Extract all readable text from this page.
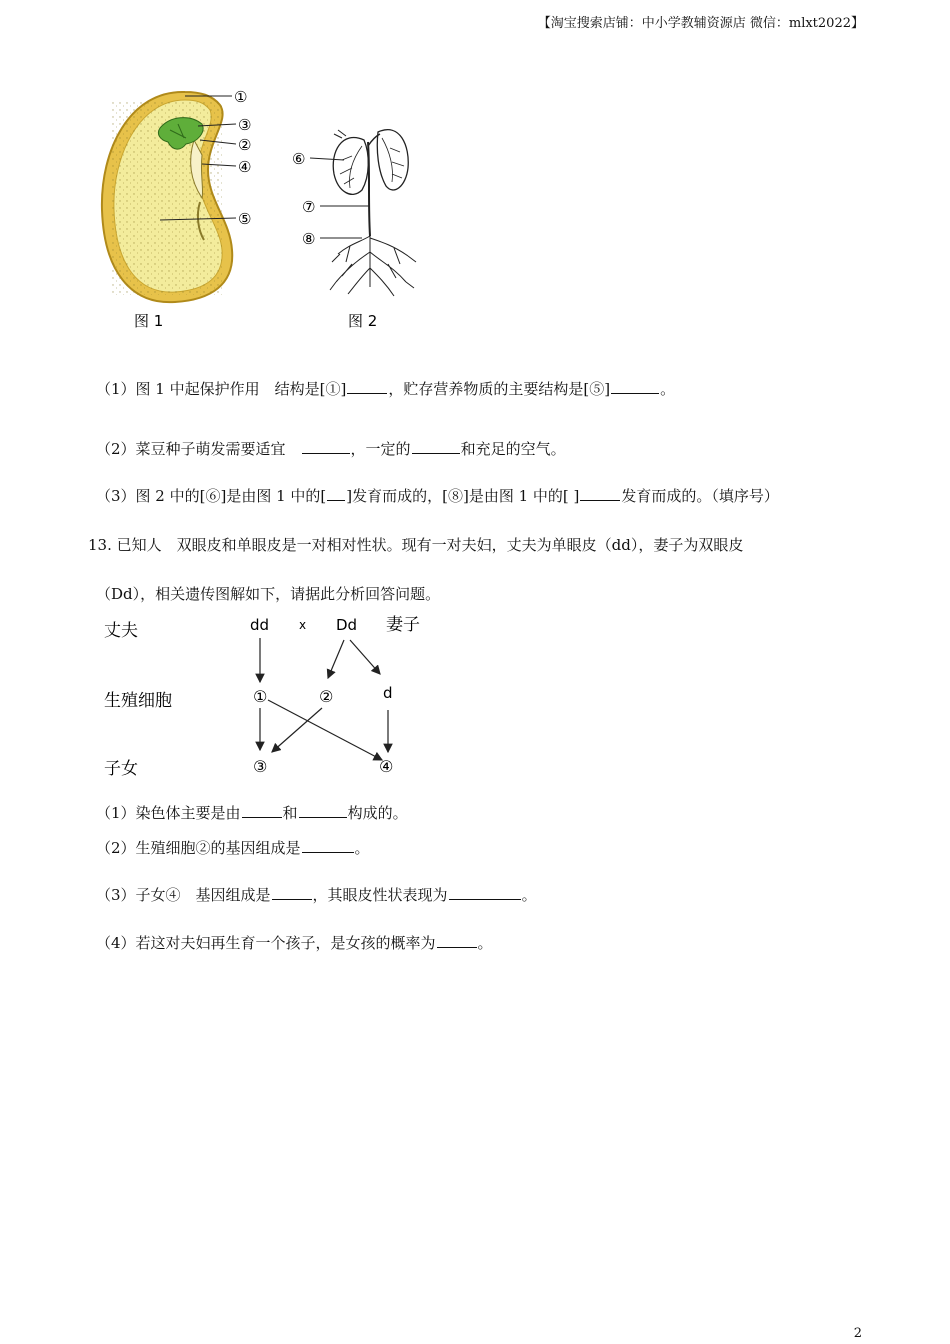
【淘宝搜索店铺：中小学教辅资源店 微信：mlxt2022】
①
③
②
④
⑤
图 1
⑥
⑦
⑧
图 2
（1）图 1 中起保护作用　结构是[①]	，贮存营养物质的主要结构是[⑤]	。
（2）菜豆种子萌发需要适宜　	，一定的	和充足的空气。
（3）图 2 中的[⑥]是由图 1 中的[ ]发育而成的，[⑧]是由图 1 中的[ ]	发育而成的。（填序号）
13. 已知人　双眼皮和单眼皮是一对相对性状。现有一对夫妇，丈夫为单眼皮（dd），妻子为双眼皮
（Dd），相关遗传图解如下，请据此分析回答问题。
丈夫
生殖细胞
子女
dd x Dd 妻子
①	②	d
③	④
（1）染色体主要是由	和	构成的。
（2）生殖细胞②的基因组成是	。
（3）子女④　基因组成是	，其眼皮性状表现为	。
（4）若这对夫妇再生育一个孩子，是女孩的概率为	。
2
